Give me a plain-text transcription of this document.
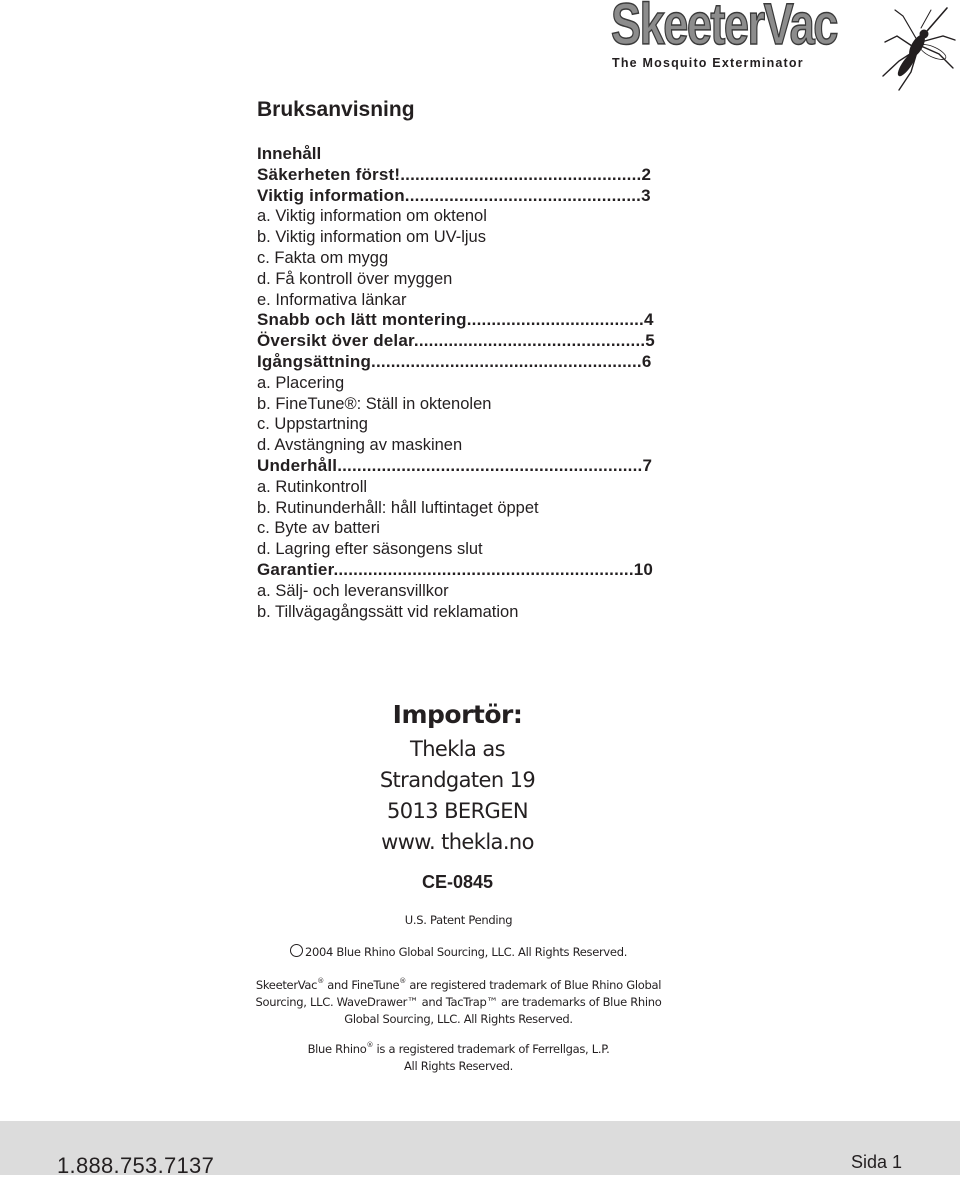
SkeeterVac
The Mosquito Exterminator
Bruksanvisning
Innehåll
Säkerheten först!.................................................2
Viktig information................................................3
a. Viktig information om oktenol
b. Viktig information om UV-ljus
c. Fakta om mygg
d. Få kontroll över myggen
e. Informativa länkar
Snabb och lätt montering....................................4
Översikt över delar...............................................5
Igångsättning.......................................................6
a. Placering
b. FineTune®: Ställ in oktenolen
c. Uppstartning
d. Avstängning av maskinen
Underhåll..............................................................7
a. Rutinkontroll
b. Rutinunderhåll: håll luftintaget öppet
c. Byte av batteri
d. Lagring efter säsongens slut
Garantier.............................................................10
a. Sälj- och leveransvillkor
b. Tillvägagångssätt vid reklamation
Importör:
Thekla as
Strandgaten 19
5013 BERGEN
www. thekla.no
CE-0845

U.S. Patent Pending

2004 Blue Rhino Global Sourcing, LLC. All Rights Reserved.

SkeeterVac® and FineTune® are registered trademark of Blue Rhino Global
Sourcing, LLC. WaveDrawer™ and TacTrap™ are trademarks of Blue Rhino
Global Sourcing, LLC. All Rights Reserved.

Blue Rhino® is a registered trademark of Ferrellgas, L.P.
All Rights Reserved.

1.888.753.7137	Sida 1
